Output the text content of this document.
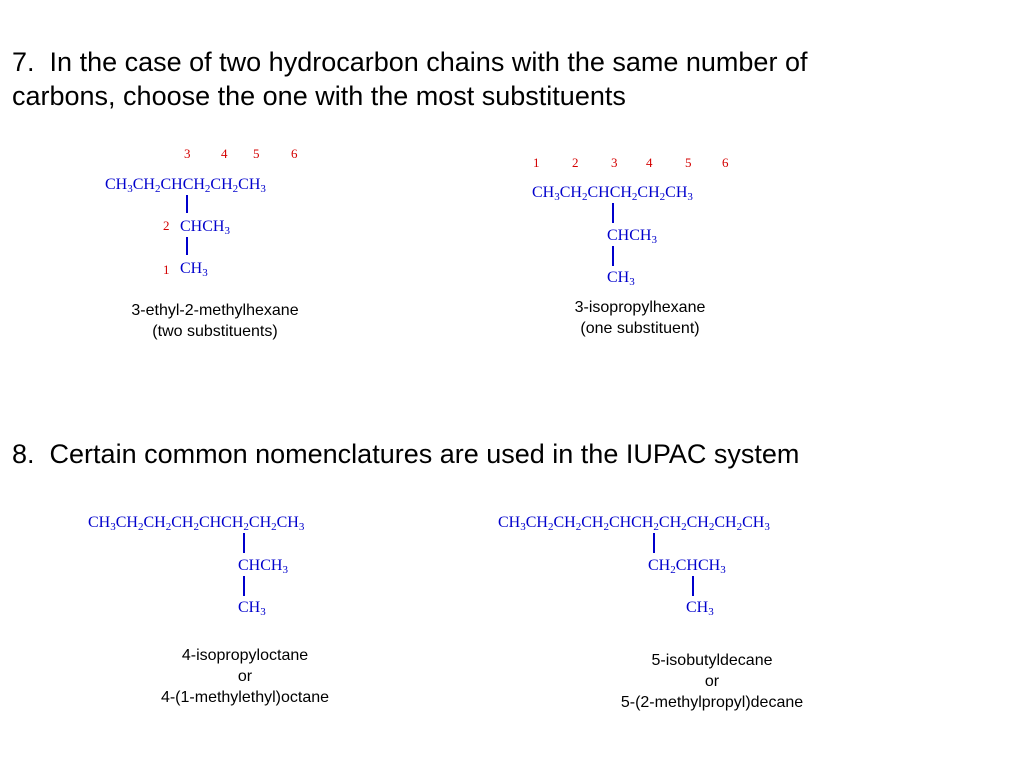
7. In the case of two hydrocarbon chains with the same number of
carbons, choose the one with the most substituents
3 4 5 6
$CH_3CH_2CHCH_2CH_2CH_3$
2 $CHCH_3$
1 $CH_3$
3-ethyl-2-methylhexane
(two substituents)
1	2	3 4	5 6
$CH_3CH_2CHCH_2CH_2CH_3$
$CHCH_3$
$CH_3$
3-isopropylhexane
(one substituent)
8. Certain common nomenclatures are used in the IUPAC system
$CH_3CH_2CH_2CH_2CHCH_2CH_2CH_3$
$CHCH_3$
$CH_3$
4-isopropyloctane
or
4-(1-methylethyl)octane
$CH_3CH_2CH_2CH_2CHCH_2CH_2CH_2CH_2CH_3$
$CH_2CHCH_3$
$CH_3$
5-isobutyldecane
or
5-(2-methylpropyl)decane
